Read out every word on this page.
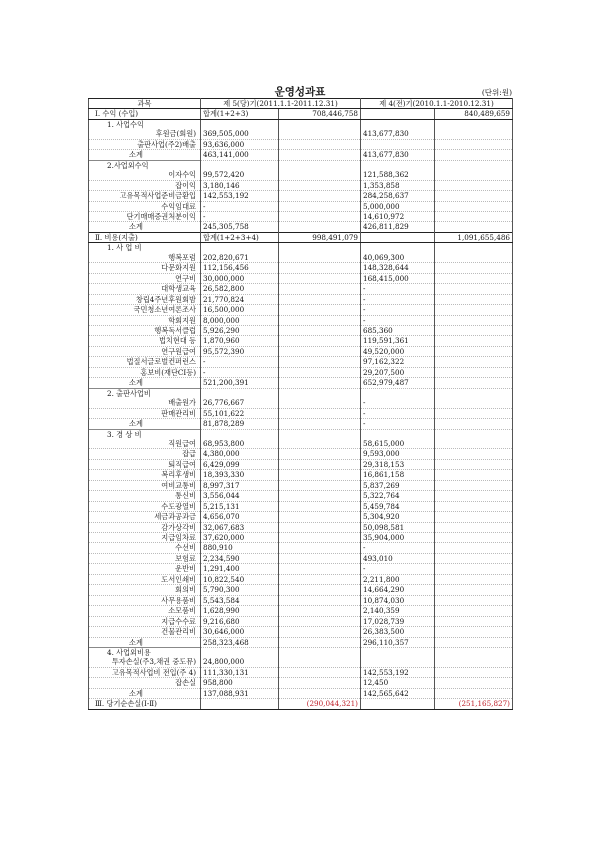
운영성과표	(단위:원)
과목	제 5(당)기(2011.1.1-2011.12.31)		제 4(전)기(2010.1.1-2010.12.31)	
Ⅰ. 수익 (수입)	합계(1+2+3)	708,446,758		840,489,659
1. 사업수익				
후원금(회원)	369,505,000		413,677,830	
출판사업(주2)배출	93,636,000			
소계	463,141,000		413,677,830	
2.사업외수익				
이자수익	99,572,420		121,588,362	
잡이익	3,180,146		1,353,858	
고유목적사업준비금환입	142,553,192		284,258,637	
수익임대료	-		5,000,000	
단기매매증권처분이익	-		14,610,972	
소계	245,305,758		426,811,829	
Ⅱ. 비용(지출)	합계(1+2+3+4)	998,491,079		1,091,655,486
1. 사 업 비				
행복포럼	202,820,671		40,069,300	
다문화지원	112,156,456		148,328,644	
연구비	30,000,000		168,415,000	
대학생교육	26,582,800		-	
창립4주년후원회밤	21,770,824		-	
국민청소년여론조사	16,500,000		-	
학회지원	8,000,000		-	
행복독서클럽	5,926,290		685,360	
법치현대 등	1,870,960		119,591,361	
연구원급여	95,572,390		49,520,000	
법질서글로벌컨퍼런스	-		97,162,322	
홍보비(재단CI등)	-		29,207,500	
소계	521,200,391		652,979,487	
2. 출판사업비				
배출원가	26,776,667		-	
판매관리비	55,101,622		-	
소계	81,878,289		-	
3. 경 상 비				
직원급여	68,953,800		58,615,000	
잡급	4,380,000		9,593,000	
퇴직급여	6,429,099		29,318,153	
복리후생비	18,393,330		16,861,158	
여비교통비	8,997,317		5,837,269	
통신비	3,556,044		5,322,764	
수도광열비	5,215,131		5,459,784	
세금과공과금	4,656,070		5,304,920	
감가상각비	32,067,683		50,098,581	
지급임차료	37,620,000		35,904,000	
수선비	880,910		-	
보험료	2,234,590		493,010	
운반비	1,291,400		-	
도서인쇄비	10,822,540		2,211,800	
회의비	5,790,300		14,664,290	
사무용품비	5,543,584		10,874,030	
소모품비	1,628,990		2,140,359	
지급수수료	9,216,680		17,028,739	
건물관리비	30,646,000		26,383,500	
소계	258,323,468		296,110,357	
4. 사업외비용				
투자손실(주3,채권 중도뮤)	24,800,000			
고유목적사업비 전입(주 4)	111,330,131		142,553,192	
잡손실	958,800		12,450	
소계	137,088,931		142,565,642	
Ⅲ. 당기순손실(Ⅰ-Ⅱ)		(290,044,321)		(251,165,827)
